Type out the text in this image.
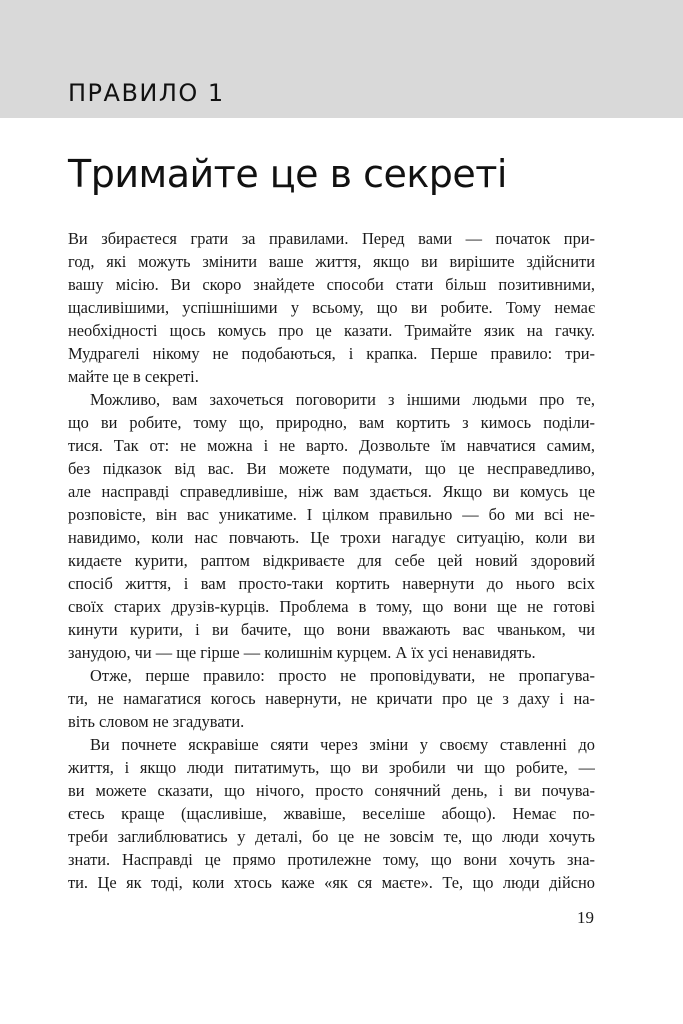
ПРАВИЛО 1
Тримайте це в секреті
Ви збираєтеся грати за правилами. Перед вами — початок при-
год, які можуть змінити ваше життя, якщо ви вирішите здійснити
вашу місію. Ви скоро знайдете способи стати більш позитивними,
щасливішими, успішнішими у всьому, що ви робите. Тому немає
необхідності щось комусь про це казати. Тримайте язик на гачку.
Мудрагелі нікому не подобаються, і крапка. Перше правило: три-
майте це в секреті.
Можливо, вам захочеться поговорити з іншими людьми про те,
що ви робите, тому що, природно, вам кортить з кимось поділи-
тися. Так от: не можна і не варто. Дозвольте їм навчатися самим,
без підказок від вас. Ви можете подумати, що це несправедливо,
але насправді справедливіше, ніж вам здається. Якщо ви комусь це
розповісте, він вас уникатиме. І цілком правильно — бо ми всі не-
навидимо, коли нас повчають. Це трохи нагадує ситуацію, коли ви
кидаєте курити, раптом відкриваєте для себе цей новий здоровий
спосіб життя, і вам просто-таки кортить навернути до нього всіх
своїх старих друзів-курців. Проблема в тому, що вони ще не готові
кинути курити, і ви бачите, що вони вважають вас чваньком, чи
занудою, чи — ще гірше — колишнім курцем. А їх усі ненавидять.
Отже, перше правило: просто не проповідувати, не пропагува-
ти, не намагатися когось навернути, не кричати про це з даху і на-
віть словом не згадувати.
Ви почнете яскравіше сяяти через зміни у своєму ставленні до
життя, і якщо люди питатимуть, що ви зробили чи що робите, —
ви можете сказати, що нічого, просто сонячний день, і ви почува-
єтесь краще (щасливіше, жвавіше, веселіше абощо). Немає по-
треби заглиблюватись у деталі, бо це не зовсім те, що люди хочуть
знати. Насправді це прямо протилежне тому, що вони хочуть зна-
ти. Це як тоді, коли хтось каже «як ся маєте». Те, що люди дійсно
19
